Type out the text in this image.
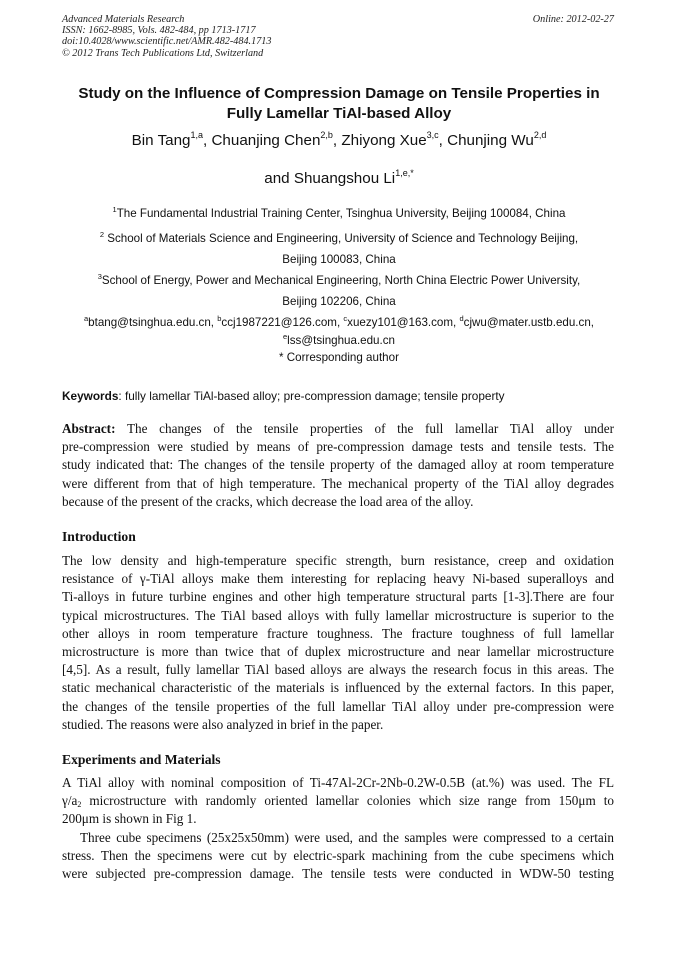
Advanced Materials Research
ISSN: 1662-8985, Vols. 482-484, pp 1713-1717
doi:10.4028/www.scientific.net/AMR.482-484.1713
© 2012 Trans Tech Publications Ltd, Switzerland
Online: 2012-02-27
Study on the Influence of Compression Damage on Tensile Properties in
Fully Lamellar TiAl-based Alloy
Bin Tang$^{1,a}$, Chuanjing Chen$^{2,b}$, Zhiyong Xue$^{3,c}$, Chunjing Wu$^{2,d}$
and Shuangshou $Li^{1,e,*}$
$^1$The Fundamental Industrial Training Center, Tsinghua University, Beijing 100084, China
$^2$ School of Materials Science and Engineering, University of Science and Technology Beijing,
Beijing 100083, China
$^3$School of Energy, Power and Mechanical Engineering, North China Electric Power University,
Beijing 102206, China
$^a$btang@tsinghua.edu.cn, $^b$ccj1987221@126.com, $^c$xuezy101@163.com, $^d$cjwu@mater.ustb.edu.cn,
$^e$lss@tsinghua.edu.cn
* Corresponding author
Keywords: fully lamellar TiAl-based alloy; pre-compression damage; tensile property
Abstract: The changes of the tensile properties of the full lamellar TiAl alloy under
pre-compression were studied by means of pre-compression damage tests and tensile tests. The
study indicated that: The changes of the tensile property of the damaged alloy at room temperature
were different from that of high temperature. The mechanical property of the TiAl alloy degrades
because of the present of the cracks, which decrease the load area of the alloy.
Introduction
The low density and high-temperature specific strength, burn resistance, creep and oxidation
resistance of γ-TiAl alloys make them interesting for replacing heavy Ni-based superalloys and
Ti-alloys in future turbine engines and other high temperature structural parts [1-3].There are four
typical microstructures. The TiAl based alloys with fully lamellar microstructure is superior to the
other alloys in room temperature fracture toughness. The fracture toughness of full lamellar
microstructure is more than twice that of duplex microstructure and near lamellar microstructure
[4,5]. As a result, fully lamellar TiAl based alloys are always the research focus in this areas. The
static mechanical characteristic of the materials is influenced by the external factors. In this paper,
the changes of the tensile properties of the full lamellar TiAl alloy under pre-compression were
studied. The reasons were also analyzed in brief in the paper.
Experiments and Materials
A TiAl alloy with nominal composition of Ti-47Al-2Cr-2Nb-0.2W-0.5B (at.%) was used. The FL
$\gamma/a_2$ microstructure with randomly oriented lamellar colonies which size range from 150μm to
200μm is shown in Fig 1.
Three cube specimens (25x25x50mm) were used, and the samples were compressed to a certain
stress. Then the specimens were cut by electric-spark machining from the cube specimens which
were subjected pre-compression damage. The tensile tests were conducted in WDW-50 testing
